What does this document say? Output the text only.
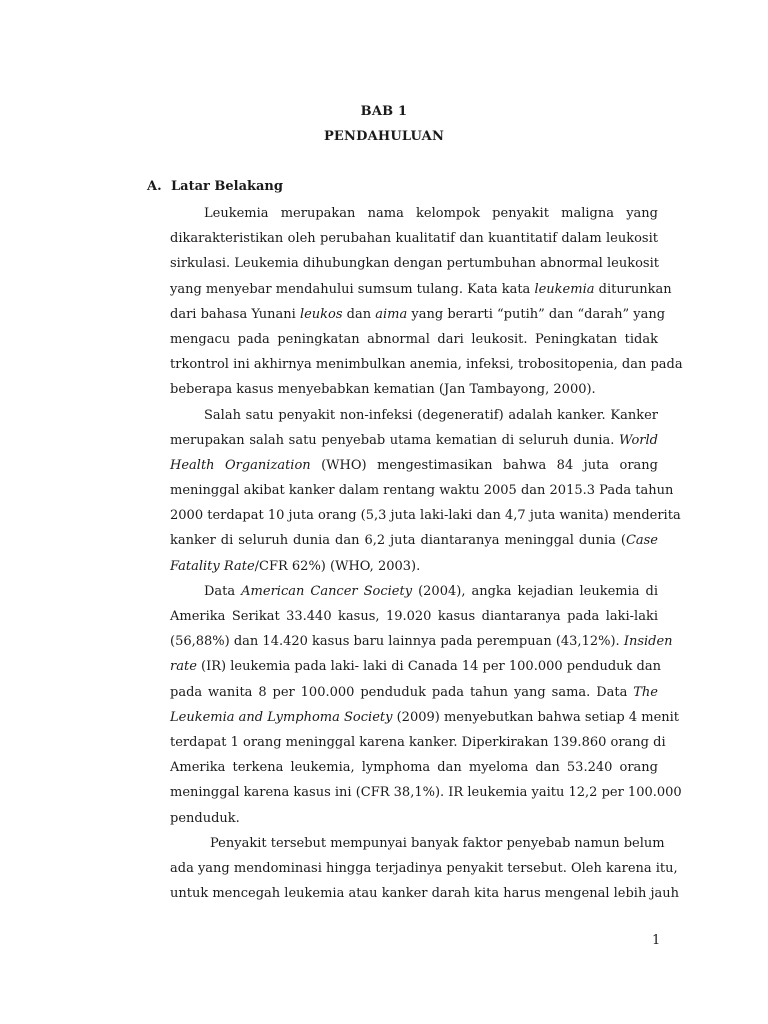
BAB 1
PENDAHULUAN
A. Latar Belakang
Leukemia merupakan nama kelompok penyakit maligna yang
dikarakteristikan oleh perubahan kualitatif dan kuantitatif dalam leukosit
sirkulasi. Leukemia dihubungkan dengan pertumbuhan abnormal leukosit
yang menyebar mendahului sumsum tulang. Kata kata leukemia diturunkan
dari bahasa Yunani leukos dan aima yang berarti “putih” dan “darah” yang
mengacu pada peningkatan abnormal dari leukosit. Peningkatan tidak
trkontrol ini akhirnya menimbulkan anemia, infeksi, trobositopenia, dan pada
beberapa kasus menyebabkan kematian (Jan Tambayong, 2000).
Salah satu penyakit non-infeksi (degeneratif) adalah kanker. Kanker
merupakan salah satu penyebab utama kematian di seluruh dunia. World
Health Organization (WHO) mengestimasikan bahwa 84 juta orang
meninggal akibat kanker dalam rentang waktu 2005 dan 2015.3 Pada tahun
2000 terdapat 10 juta orang (5,3 juta laki-laki dan 4,7 juta wanita) menderita
kanker di seluruh dunia dan 6,2 juta diantaranya meninggal dunia (Case
Fatality Rate/CFR 62%) (WHO, 2003).
Data American Cancer Society (2004), angka kejadian leukemia di
Amerika Serikat 33.440 kasus, 19.020 kasus diantaranya pada laki-laki
(56,88%) dan 14.420 kasus baru lainnya pada perempuan (43,12%). Insiden
rate (IR) leukemia pada laki- laki di Canada 14 per 100.000 penduduk dan
pada wanita 8 per 100.000 penduduk pada tahun yang sama. Data The
Leukemia and Lymphoma Society (2009) menyebutkan bahwa setiap 4 menit
terdapat 1 orang meninggal karena kanker. Diperkirakan 139.860 orang di
Amerika terkena leukemia, lymphoma dan myeloma dan 53.240 orang
meninggal karena kasus ini (CFR 38,1%). IR leukemia yaitu 12,2 per 100.000
penduduk.
Penyakit tersebut mempunyai banyak faktor penyebab namun belum
ada yang mendominasi hingga terjadinya penyakit tersebut. Oleh karena itu,
untuk mencegah leukemia atau kanker darah kita harus mengenal lebih jauh
1
